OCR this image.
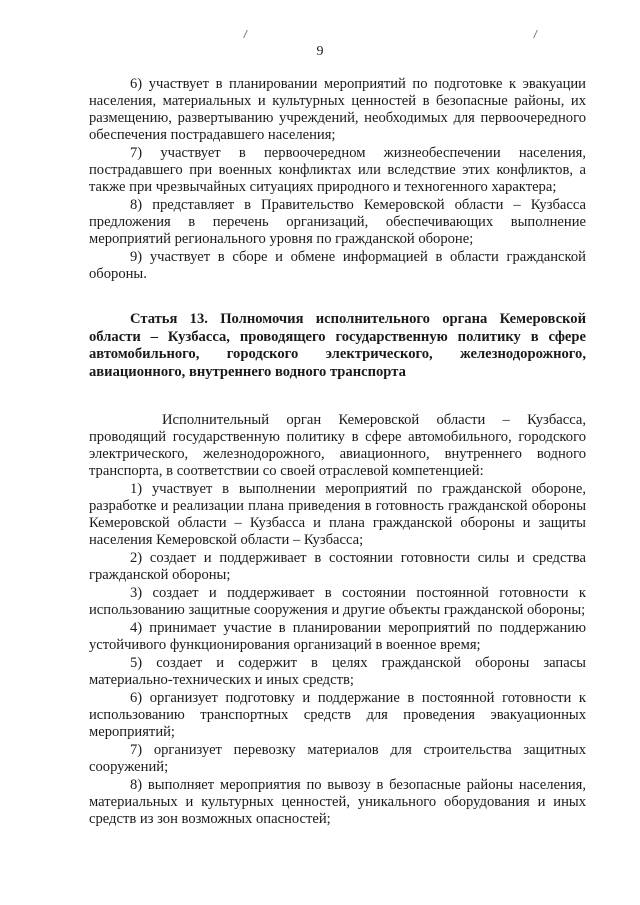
9

6) участвует в планировании мероприятий по подготовке к эвакуации населения, материальных и культурных ценностей в безопасные районы, их размещению, развертыванию учреждений, необходимых для первоочередного обеспечения пострадавшего населения;

7) участвует в первоочередном жизнеобеспечении населения, пострадавшего при военных конфликтах или вследствие этих конфликтов, а также при чрезвычайных ситуациях природного и техногенного характера;

8) представляет в Правительство Кемеровской области – Кузбасса предложения в перечень организаций, обеспечивающих выполнение мероприятий регионального уровня по гражданской обороне;

9) участвует в сборе и обмене информацией в области гражданской обороны.

Статья 13. Полномочия исполнительного органа Кемеровской области – Кузбасса, проводящего государственную политику в сфере автомобильного, городского электрического, железнодорожного, авиационного, внутреннего водного транспорта

Исполнительный орган Кемеровской области – Кузбасса, проводящий государственную политику в сфере автомобильного, городского электрического, железнодорожного, авиационного, внутреннего водного транспорта, в соответствии со своей отраслевой компетенцией:

1) участвует в выполнении мероприятий по гражданской обороне, разработке и реализации плана приведения в готовность гражданской обороны Кемеровской области – Кузбасса и плана гражданской обороны и защиты населения Кемеровской области – Кузбасса;

2) создает и поддерживает в состоянии готовности силы и средства гражданской обороны;

3) создает и поддерживает в состоянии постоянной готовности к использованию защитные сооружения и другие объекты гражданской обороны;

4) принимает участие в планировании мероприятий по поддержанию устойчивого функционирования организаций в военное время;

5) создает и содержит в целях гражданской обороны запасы материально-технических и иных средств;

6) организует подготовку и поддержание в постоянной готовности к использованию транспортных средств для проведения эвакуационных мероприятий;

7) организует перевозку материалов для строительства защитных сооружений;

8) выполняет мероприятия по вывозу в безопасные районы населения, материальных и культурных ценностей, уникального оборудования и иных средств из зон возможных опасностей;
